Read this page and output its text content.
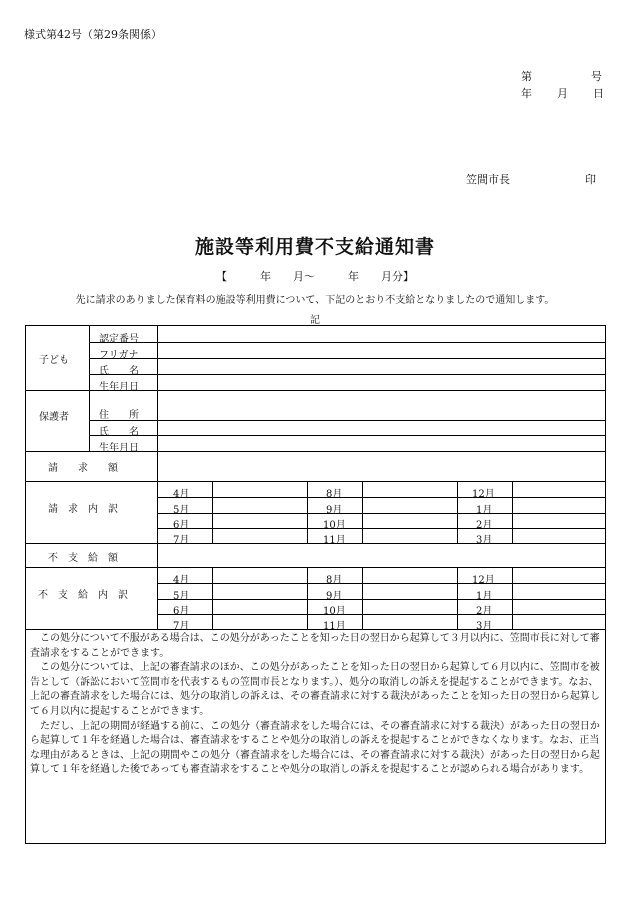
様式第42号（第29条関係）
第	号
年 月 日
笠間市長	印
施設等利用費不支給通知書
【　　　年　　月～　　　年　　月分】
先に請求のありました保育料の施設等利用費について、下記のとおり不支給となりましたので通知します。
記
子ども
保護者
認定番号
フリガナ
氏　　名
生年月日
住　　所
氏　　名
生年月日
請　　求　　額
請　求　内　訳
不　支　給　額
不　支　給　内　訳
4月
5月
6月
7月
8月
9月
10月
11月
12月
1月
2月
3月
4月
5月
6月
7月
8月
9月
10月
11月
12月
1月
2月
3月

この処分について不服がある場合は、この処分があったことを知った日の翌日から起算して３月以内に、笠間市長に対して審査請求をすることができます。

この処分については、上記の審査請求のほか、この処分があったことを知った日の翌日から起算して６月以内に、笠間市を被告として（訴訟において笠間市を代表するもの笠間市長となります。）、処分の取消しの訴えを提起することができます。なお、上記の審査請求をした場合には、処分の取消しの訴えは、その審査請求に対する裁決があったことを知った日の翌日から起算して６月以内に提起することができます。

ただし、上記の期間が経過する前に、この処分（審査請求をした場合には、その審査請求に対する裁決）があった日の翌日から起算して１年を経過した場合は、審査請求をすることや処分の取消しの訴えを提起することができなくなります。なお、正当な理由があるときは、上記の期間やこの処分（審査請求をした場合には、その審査請求に対する裁決）があった日の翌日から起算して１年を経過した後であっても審査請求をすることや処分の取消しの訴えを提起することが認められる場合があります。
